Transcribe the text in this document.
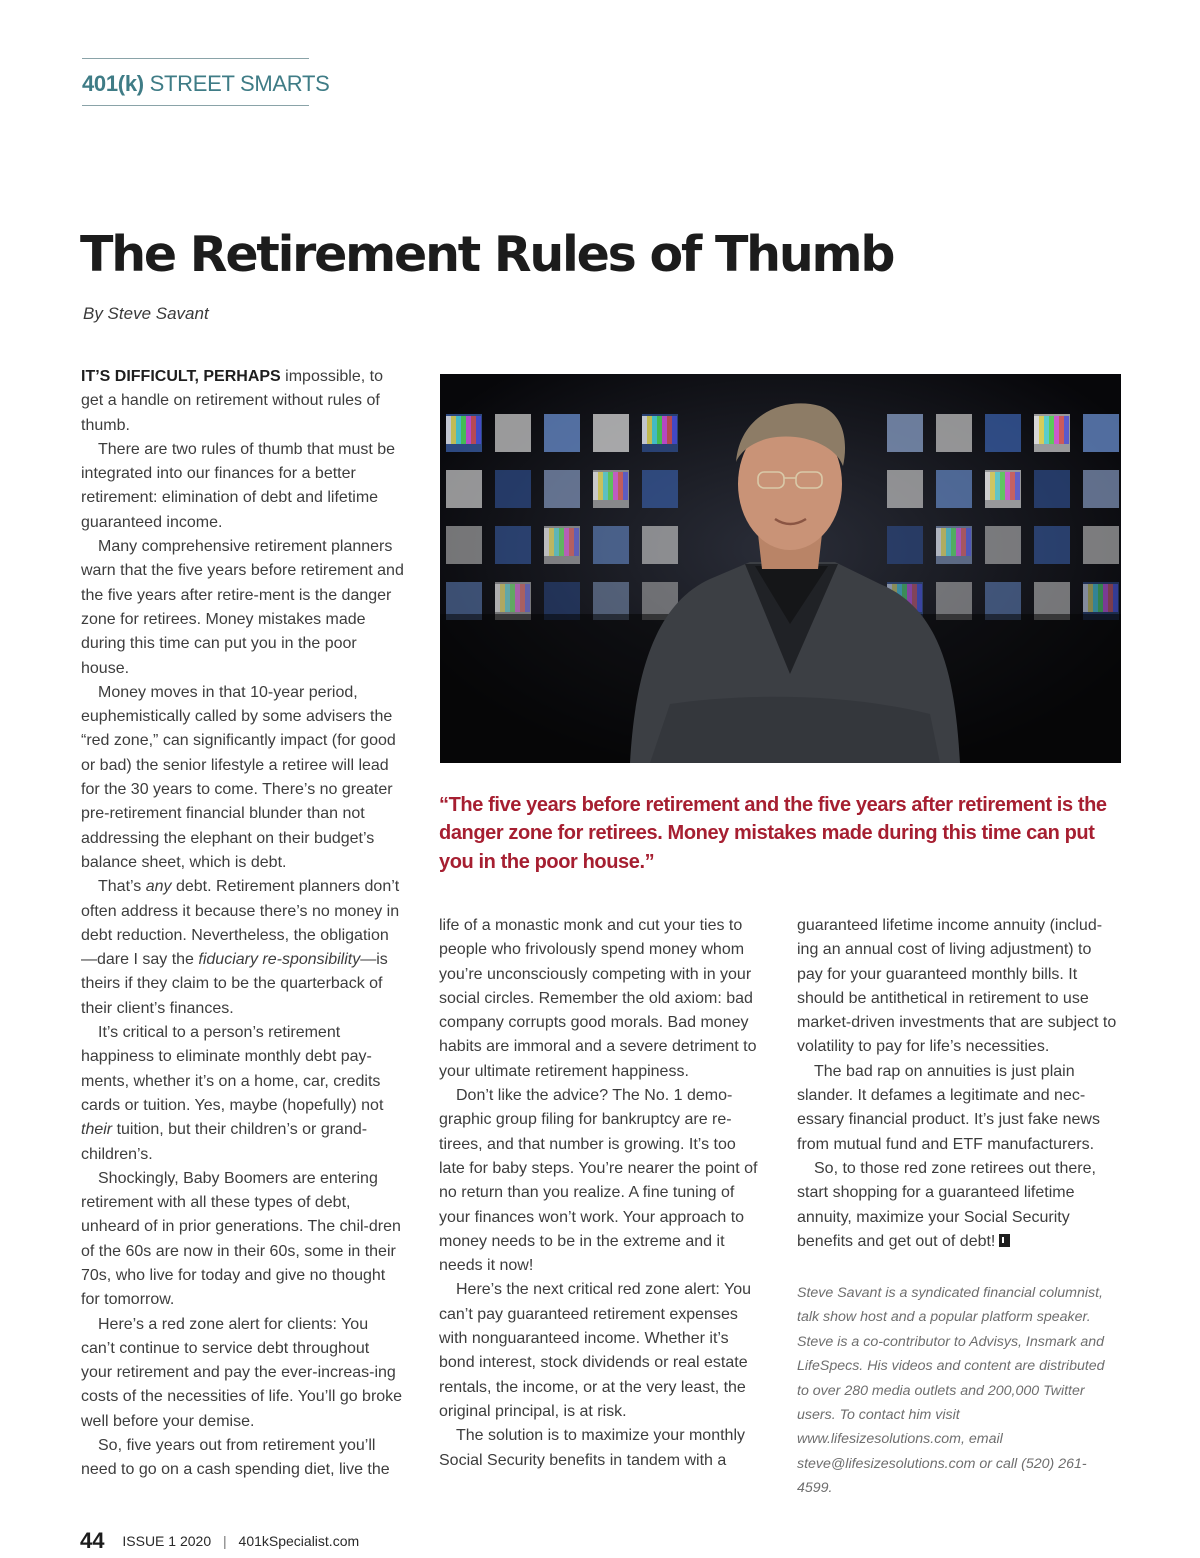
401(k) STREET SMARTS
The Retirement Rules of Thumb
By Steve Savant

IT’S DIFFICULT, PERHAPS impossible, to get a handle on retirement without rules of thumb.

There are two rules of thumb that must be integrated into our finances for a better retirement: elimination of debt and lifetime guaranteed income.

Many comprehensive retirement planners warn that the five years before retirement and the five years after retire-ment is the danger zone for retirees. Money mistakes made during this time can put you in the poor house.

Money moves in that 10-year period, euphemistically called by some advisers the “red zone,” can significantly impact (for good or bad) the senior lifestyle a retiree will lead for the 30 years to come. There’s no greater pre-retirement financial blunder than not addressing the elephant on their budget’s balance sheet, which is debt.

That’s any debt. Retirement planners don’t often address it because there’s no money in debt reduction. Nevertheless, the obligation—dare I say the fiduciary re-sponsibility—is theirs if they claim to be the quarterback of their client’s finances.

It’s critical to a person’s retirement happiness to eliminate monthly debt pay-ments, whether it’s on a home, car, credits cards or tuition. Yes, maybe (hopefully) not their tuition, but their children’s or grand-children’s.

Shockingly, Baby Boomers are entering retirement with all these types of debt, unheard of in prior generations. The chil-dren of the 60s are now in their 60s, some in their 70s, who live for today and give no thought for tomorrow.

Here’s a red zone alert for clients: You can’t continue to service debt throughout your retirement and pay the ever-increas-ing costs of the necessities of life. You’ll go broke well before your demise.

So, five years out from retirement you’ll need to go on a cash spending diet, live the

“The five years before retirement and the five years after retirement is the danger zone for retirees. Money mistakes made during this time can put you in the poor house.”

life of a monastic monk and cut your ties to people who frivolously spend money whom you’re unconsciously competing with in your social circles. Remember the old axiom: bad company corrupts good morals. Bad money habits are immoral and a severe detriment to your ultimate retirement happiness.

Don’t like the advice? The No. 1 demo-graphic group filing for bankruptcy are re-tirees, and that number is growing. It’s too late for baby steps. You’re nearer the point of no return than you realize. A fine tuning of your finances won’t work. Your approach to money needs to be in the extreme and it needs it now!

Here’s the next critical red zone alert: You can’t pay guaranteed retirement expenses with nonguaranteed income. Whether it’s bond interest, stock dividends or real estate rentals, the income, or at the very least, the original principal, is at risk.

The solution is to maximize your monthly Social Security benefits in tandem with a

guaranteed lifetime income annuity (includ-ing an annual cost of living adjustment) to pay for your guaranteed monthly bills. It should be antithetical in retirement to use market-driven investments that are subject to volatility to pay for life’s necessities.

The bad rap on annuities is just plain slander. It defames a legitimate and nec-essary financial product. It’s just fake news from mutual fund and ETF manufacturers.

So, to those red zone retirees out there, start shopping for a guaranteed lifetime annuity, maximize your Social Security benefits and get out of debt!

Steve Savant is a syndicated financial columnist, talk show host and a popular platform speaker. Steve is a co-contributor to Advisys, Insmark and LifeSpecs. His videos and content are distributed to over 280 media outlets and 200,000 Twitter users. To contact him visit www.lifesizesolutions.com, email steve@lifesizesolutions.com or call (520) 261-4599.
44 ISSUE 1 2020 | 401kSpecialist.com
